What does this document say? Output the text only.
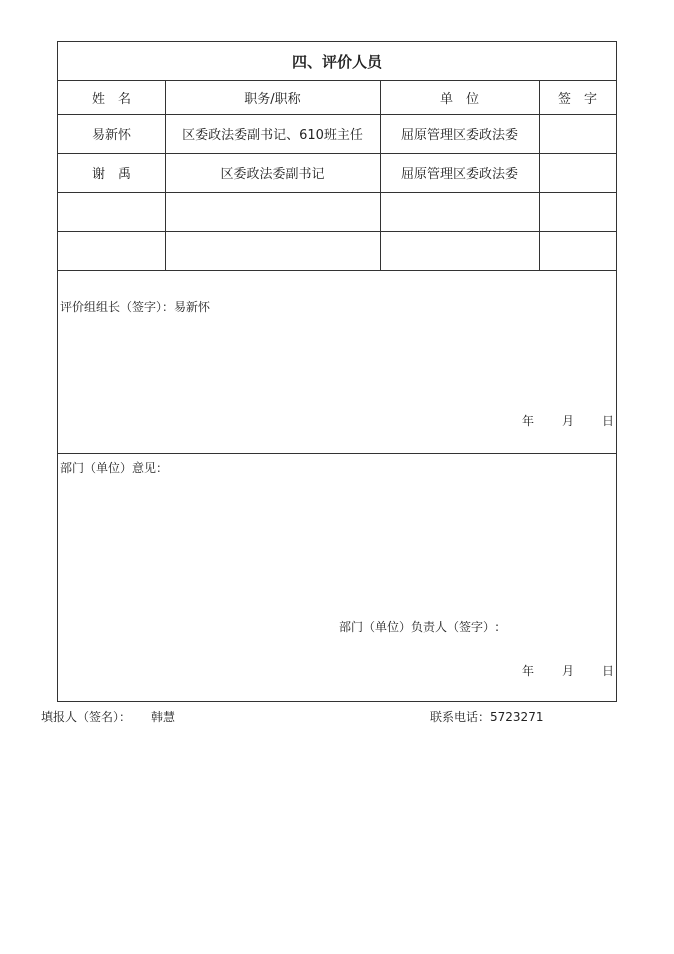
四、评价人员
姓　名	职务/职称	单　位	签　字
易新怀	区委政法委副书记、610班主任	屈原管理区委政法委
谢　禹	区委政法委副书记	屈原管理区委政法委
评价组组长（签字）：易新怀
年 月 日
部门（单位）意见：
部门（单位）负责人（签字）:
年 月 日
填报人（签名）： 韩慧	联系电话：5723271
